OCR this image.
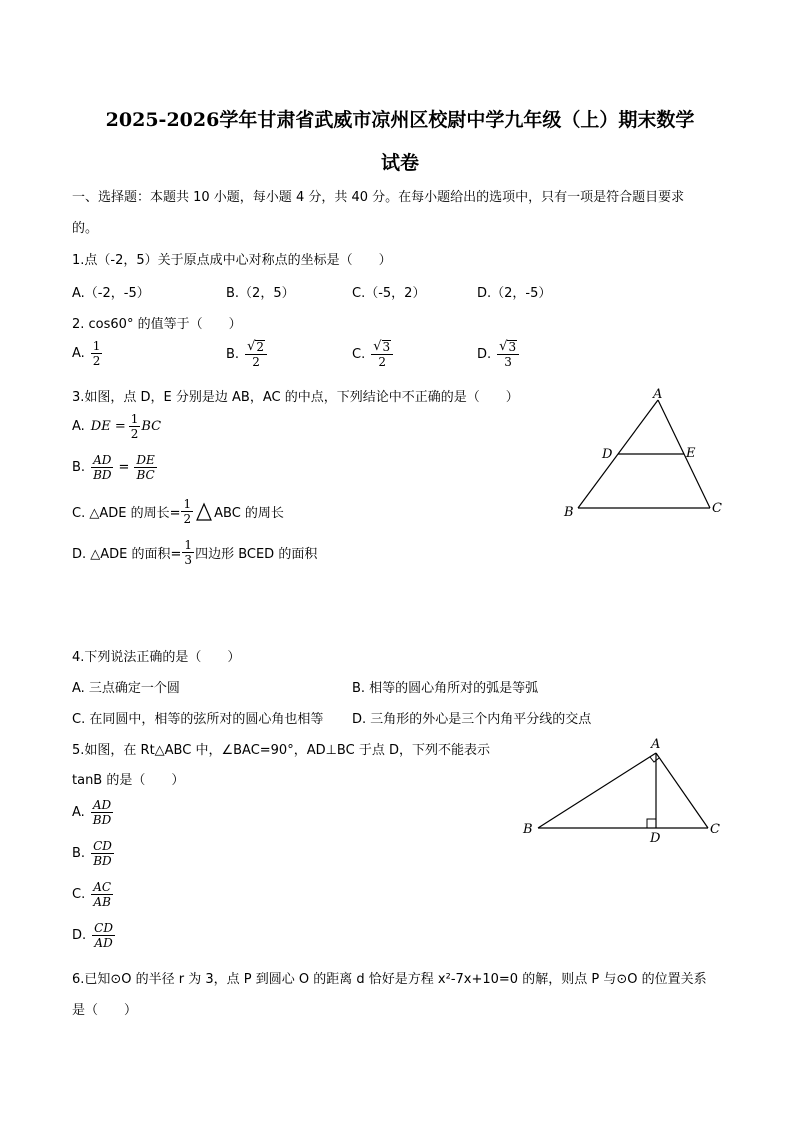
2025-2026学年甘肃省武威市凉州区校尉中学九年级（上）期末数学
试卷
一、选择题：本题共 10 小题，每小题 4 分，共 40 分。在每小题给出的选项中，只有一项是符合题目要求
的。
1.点（-2，5）关于原点成中心对称点的坐标是（　　）
A.（-2，-5）	B.（2，5）	C.（-5，2）	D.（2，-5）
2. cos60° 的值等于（　　）
A. $\frac{1}{2}$	B. $\frac{√ 2}{2}$	C. $\frac{√ 3}{2}$	D. $\frac{√ 3}{3}$
3.如图，点 D，E 分别是边 AB，AC 的中点，下列结论中不正确的是（　　）
A. DE = $\frac{1}{2}$ BC
B. $\frac{AD}{BD} = \frac{DE}{BC}$
C. △ADE 的周长= $\frac{1}{2}$ ABC 的周长
D. △ADE 的面积= $\frac{1}{3}$ 四边形 BCED 的面积
A
B	C
D	E
4.下列说法正确的是（　　）
A. 三点确定一个圆	B. 相等的圆心角所对的弧是等弧
C. 在同圆中，相等的弦所对的圆心角也相等 D. 三角形的外心是三个内角平分线的交点
5.如图，在 Rt△ABC 中，∠BAC=90°，AD⊥BC 于点 D，下列不能表示
tanB 的是（　　）
A. $\frac{AD}{BD}$
B. $\frac{CD}{BD}$
C. $\frac{AC}{AB}$
D. $\frac{CD}{AD}$
A
B	C
D
6.已知⊙O 的半径 r 为 3，点 P 到圆心 O 的距离 d 恰好是方程 x²-7x+10=0 的解，则点 P 与⊙O 的位置关系
是（　　）
